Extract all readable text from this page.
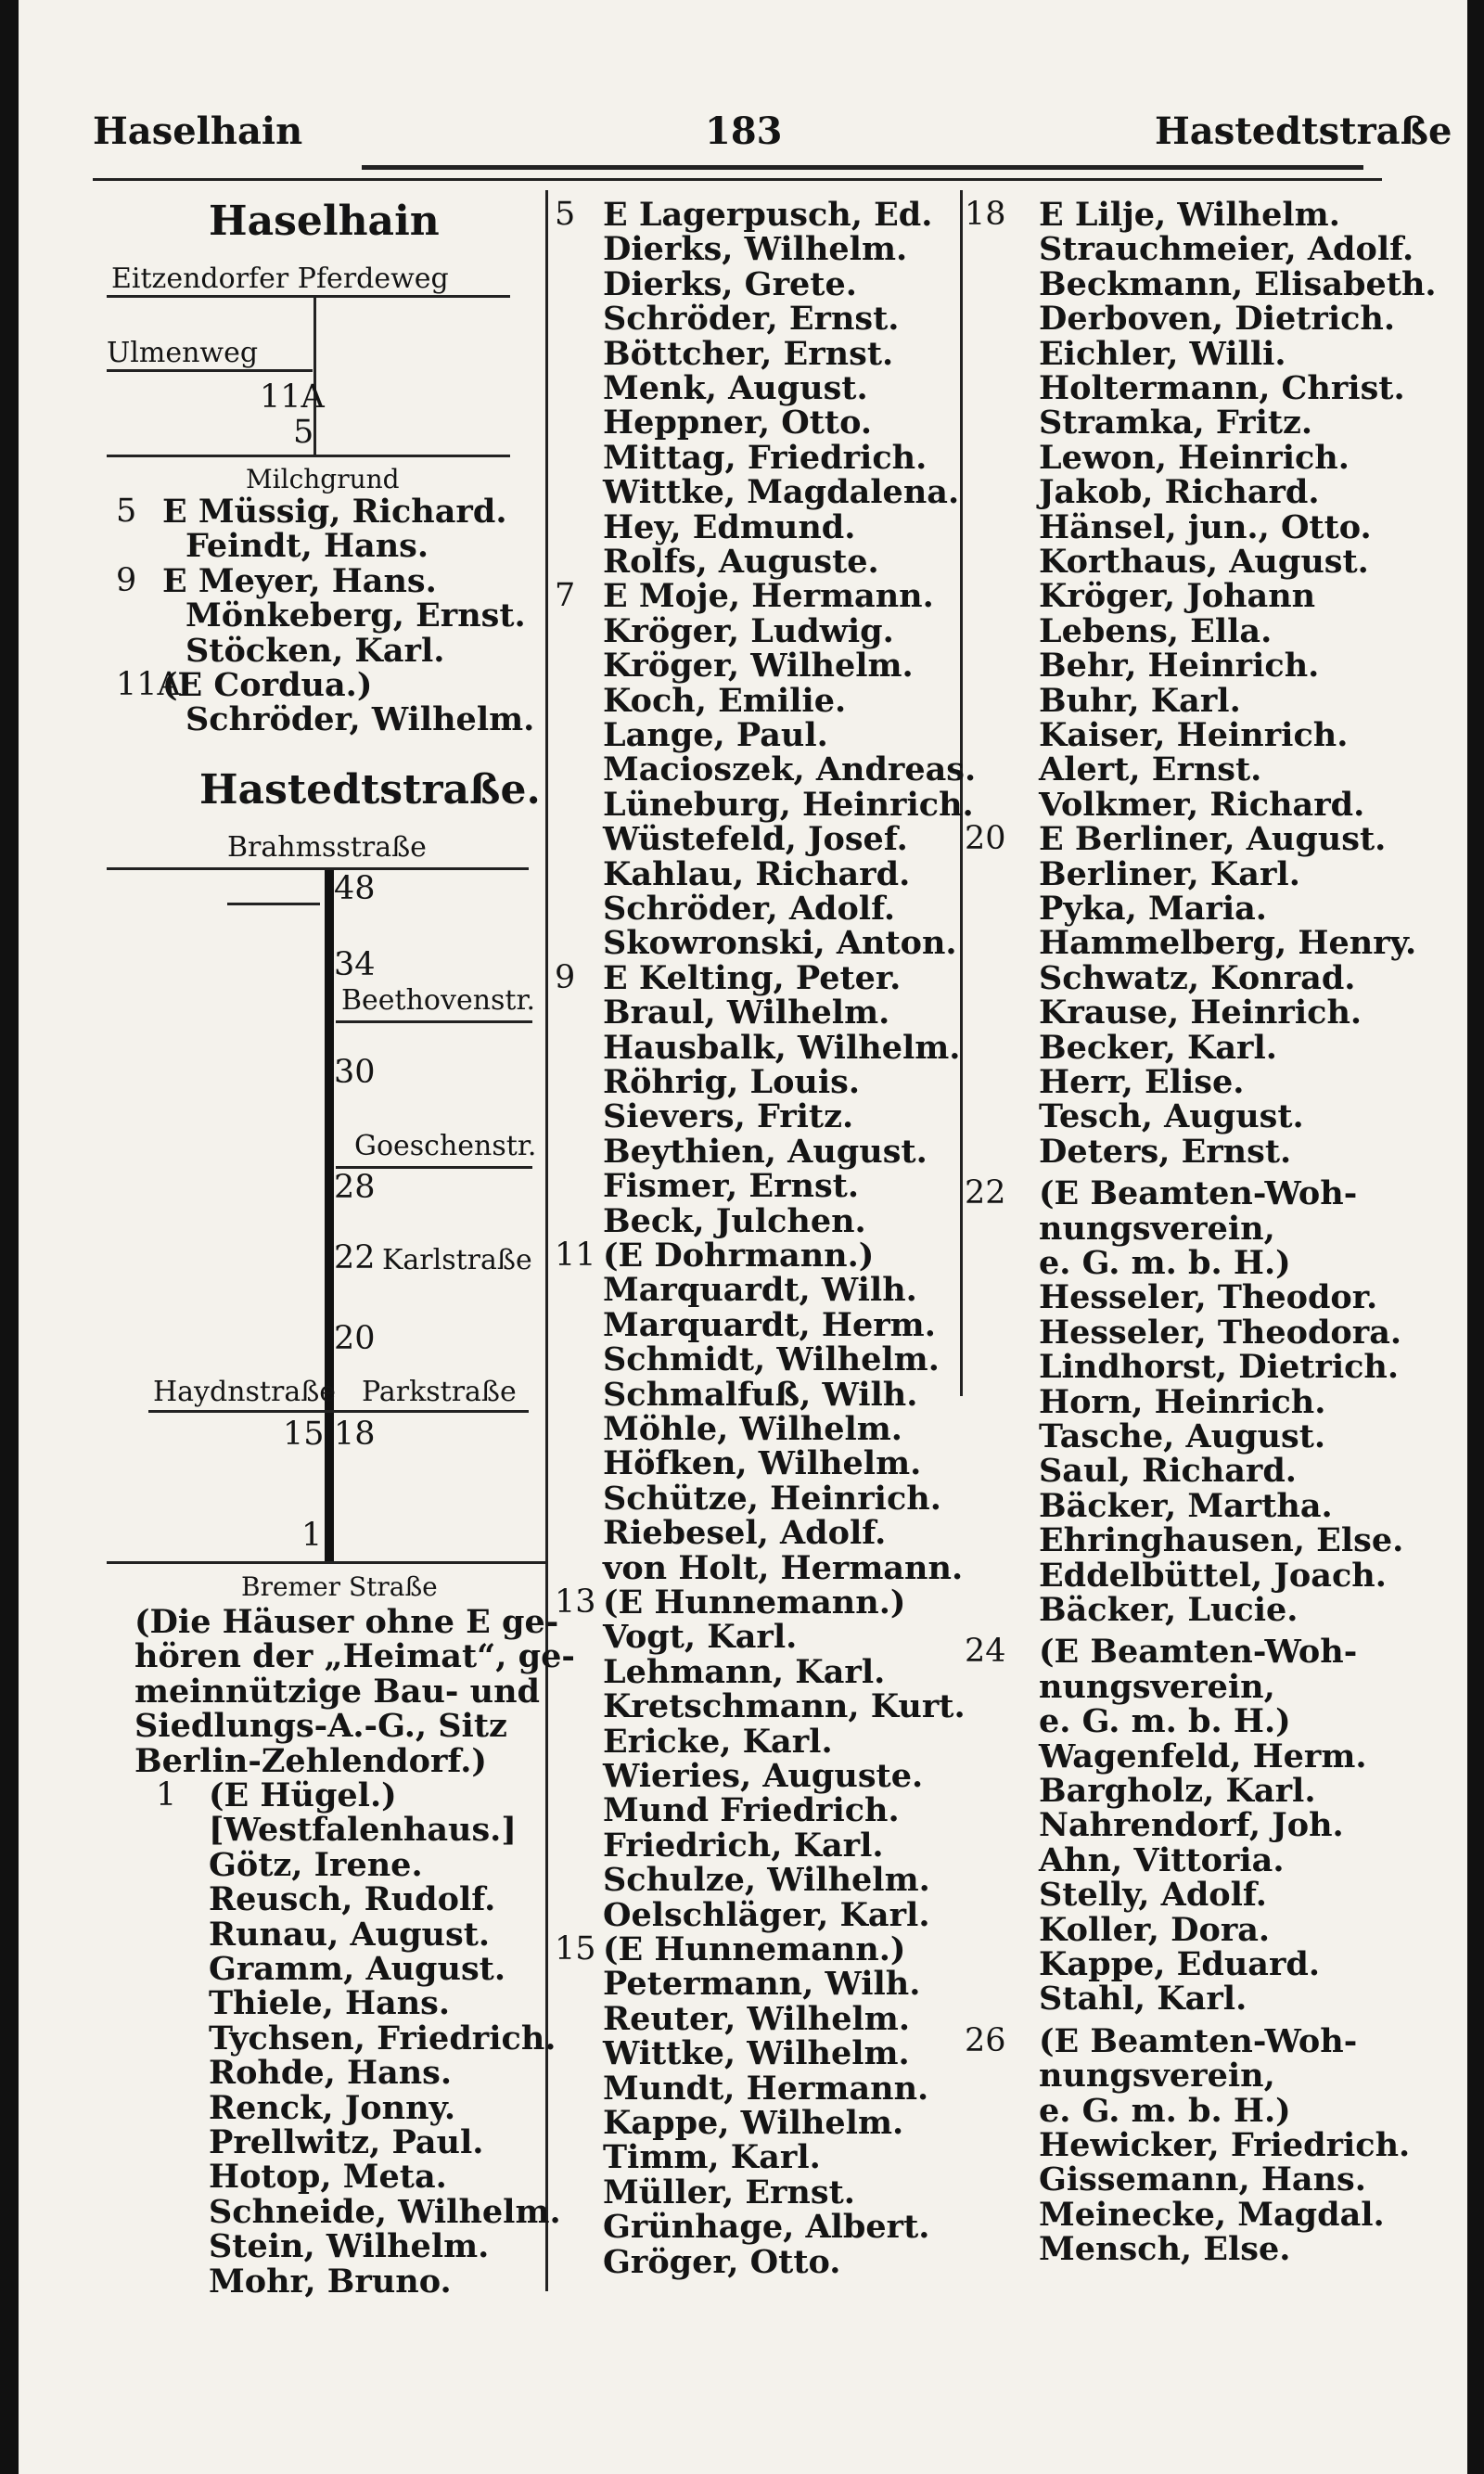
Haselhain	183	Hastedtstraße
Haselhain
Eitzendorfer Pferdeweg
Ulmenweg
11A
5
Milchgrund
5 E Müssig, Richard.
Feindt, Hans.
9 E Meyer, Hans.
Mönkeberg, Ernst.
Stöcken, Karl.
11A
(E Cordua.)
Schröder, Wilhelm.
Hastedtstraße.
Brahmsstraße
48
34
Beethovenstr.
30
Goeschenstr.
28
22 Karlstraße
20
Haydnstraße Parkstraße
15 18
1
Bremer Straße
(Die Häuser ohne E ge-
hören der „Heimat“, ge-
meinnützige Bau- und
Siedlungs-A.-G., Sitz
Berlin-Zehlendorf.)
1 (E Hügel.)
[Westfalenhaus.]
Götz, Irene.
Reusch, Rudolf.
Runau, August.
Gramm, August.
Thiele, Hans.
Tychsen, Friedrich.
Rohde, Hans.
Renck, Jonny.
Prellwitz, Paul.
Hotop, Meta.
Schneide, Wilhelm.
Stein, Wilhelm.
Mohr, Bruno.
5 E Lagerpusch, Ed.
Dierks, Wilhelm.
Dierks, Grete.
Schröder, Ernst.
Böttcher, Ernst.
Menk, August.
Heppner, Otto.
Mittag, Friedrich.
Wittke, Magdalena.
Hey, Edmund.
Rolfs, Auguste.
7 E Moje, Hermann.
Kröger, Ludwig.
Kröger, Wilhelm.
Koch, Emilie.
Lange, Paul.
Macioszek, Andreas.
Lüneburg, Heinrich.
Wüstefeld, Josef.
Kahlau, Richard.
Schröder, Adolf.
Skowronski, Anton.
9 E Kelting, Peter.
Braul, Wilhelm.
Hausbalk, Wilhelm.
Röhrig, Louis.
Sievers, Fritz.
Beythien, August.
Fismer, Ernst.
Beck, Julchen.
11 (E Dohrmann.)
Marquardt, Wilh.
Marquardt, Herm.
Schmidt, Wilhelm.
Schmalfuß, Wilh.
Möhle, Wilhelm.
Höfken, Wilhelm.
Schütze, Heinrich.
Riebesel, Adolf.
von Holt, Hermann.
13 (E Hunnemann.)
Vogt, Karl.
Lehmann, Karl.
Kretschmann, Kurt.
Ericke, Karl.
Wieries, Auguste.
Mund Friedrich.
Friedrich, Karl.
Schulze, Wilhelm.
Oelschläger, Karl.
15 (E Hunnemann.)
Petermann, Wilh.
Reuter, Wilhelm.
Wittke, Wilhelm.
Mundt, Hermann.
Kappe, Wilhelm.
Timm, Karl.
Müller, Ernst.
Grünhage, Albert.
Gröger, Otto.
18 E Lilje, Wilhelm.
Strauchmeier, Adolf.
Beckmann, Elisabeth.
Derboven, Dietrich.
Eichler, Willi.
Holtermann, Christ.
Stramka, Fritz.
Lewon, Heinrich.
Jakob, Richard.
Hänsel, jun., Otto.
Korthaus, August.
Kröger, Johann
Lebens, Ella.
Behr, Heinrich.
Buhr, Karl.
Kaiser, Heinrich.
Alert, Ernst.
Volkmer, Richard.
20 E Berliner, August.
Berliner, Karl.
Pyka, Maria.
Hammelberg, Henry.
Schwatz, Konrad.
Krause, Heinrich.
Becker, Karl.
Herr, Elise.
Tesch, August.
Deters, Ernst.
22 (E Beamten-Woh-
nungsverein,
e. G. m. b. H.)
Hesseler, Theodor.
Hesseler, Theodora.
Lindhorst, Dietrich.
Horn, Heinrich.
Tasche, August.
Saul, Richard.
Bäcker, Martha.
Ehringhausen, Else.
Eddelbüttel, Joach.
Bäcker, Lucie.
24 (E Beamten-Woh-
nungsverein,
e. G. m. b. H.)
Wagenfeld, Herm.
Bargholz, Karl.
Nahrendorf, Joh.
Ahn, Vittoria.
Stelly, Adolf.
Koller, Dora.
Kappe, Eduard.
Stahl, Karl.
26 (E Beamten-Woh-
nungsverein,
e. G. m. b. H.)
Hewicker, Friedrich.
Gissemann, Hans.
Meinecke, Magdal.
Mensch, Else.
